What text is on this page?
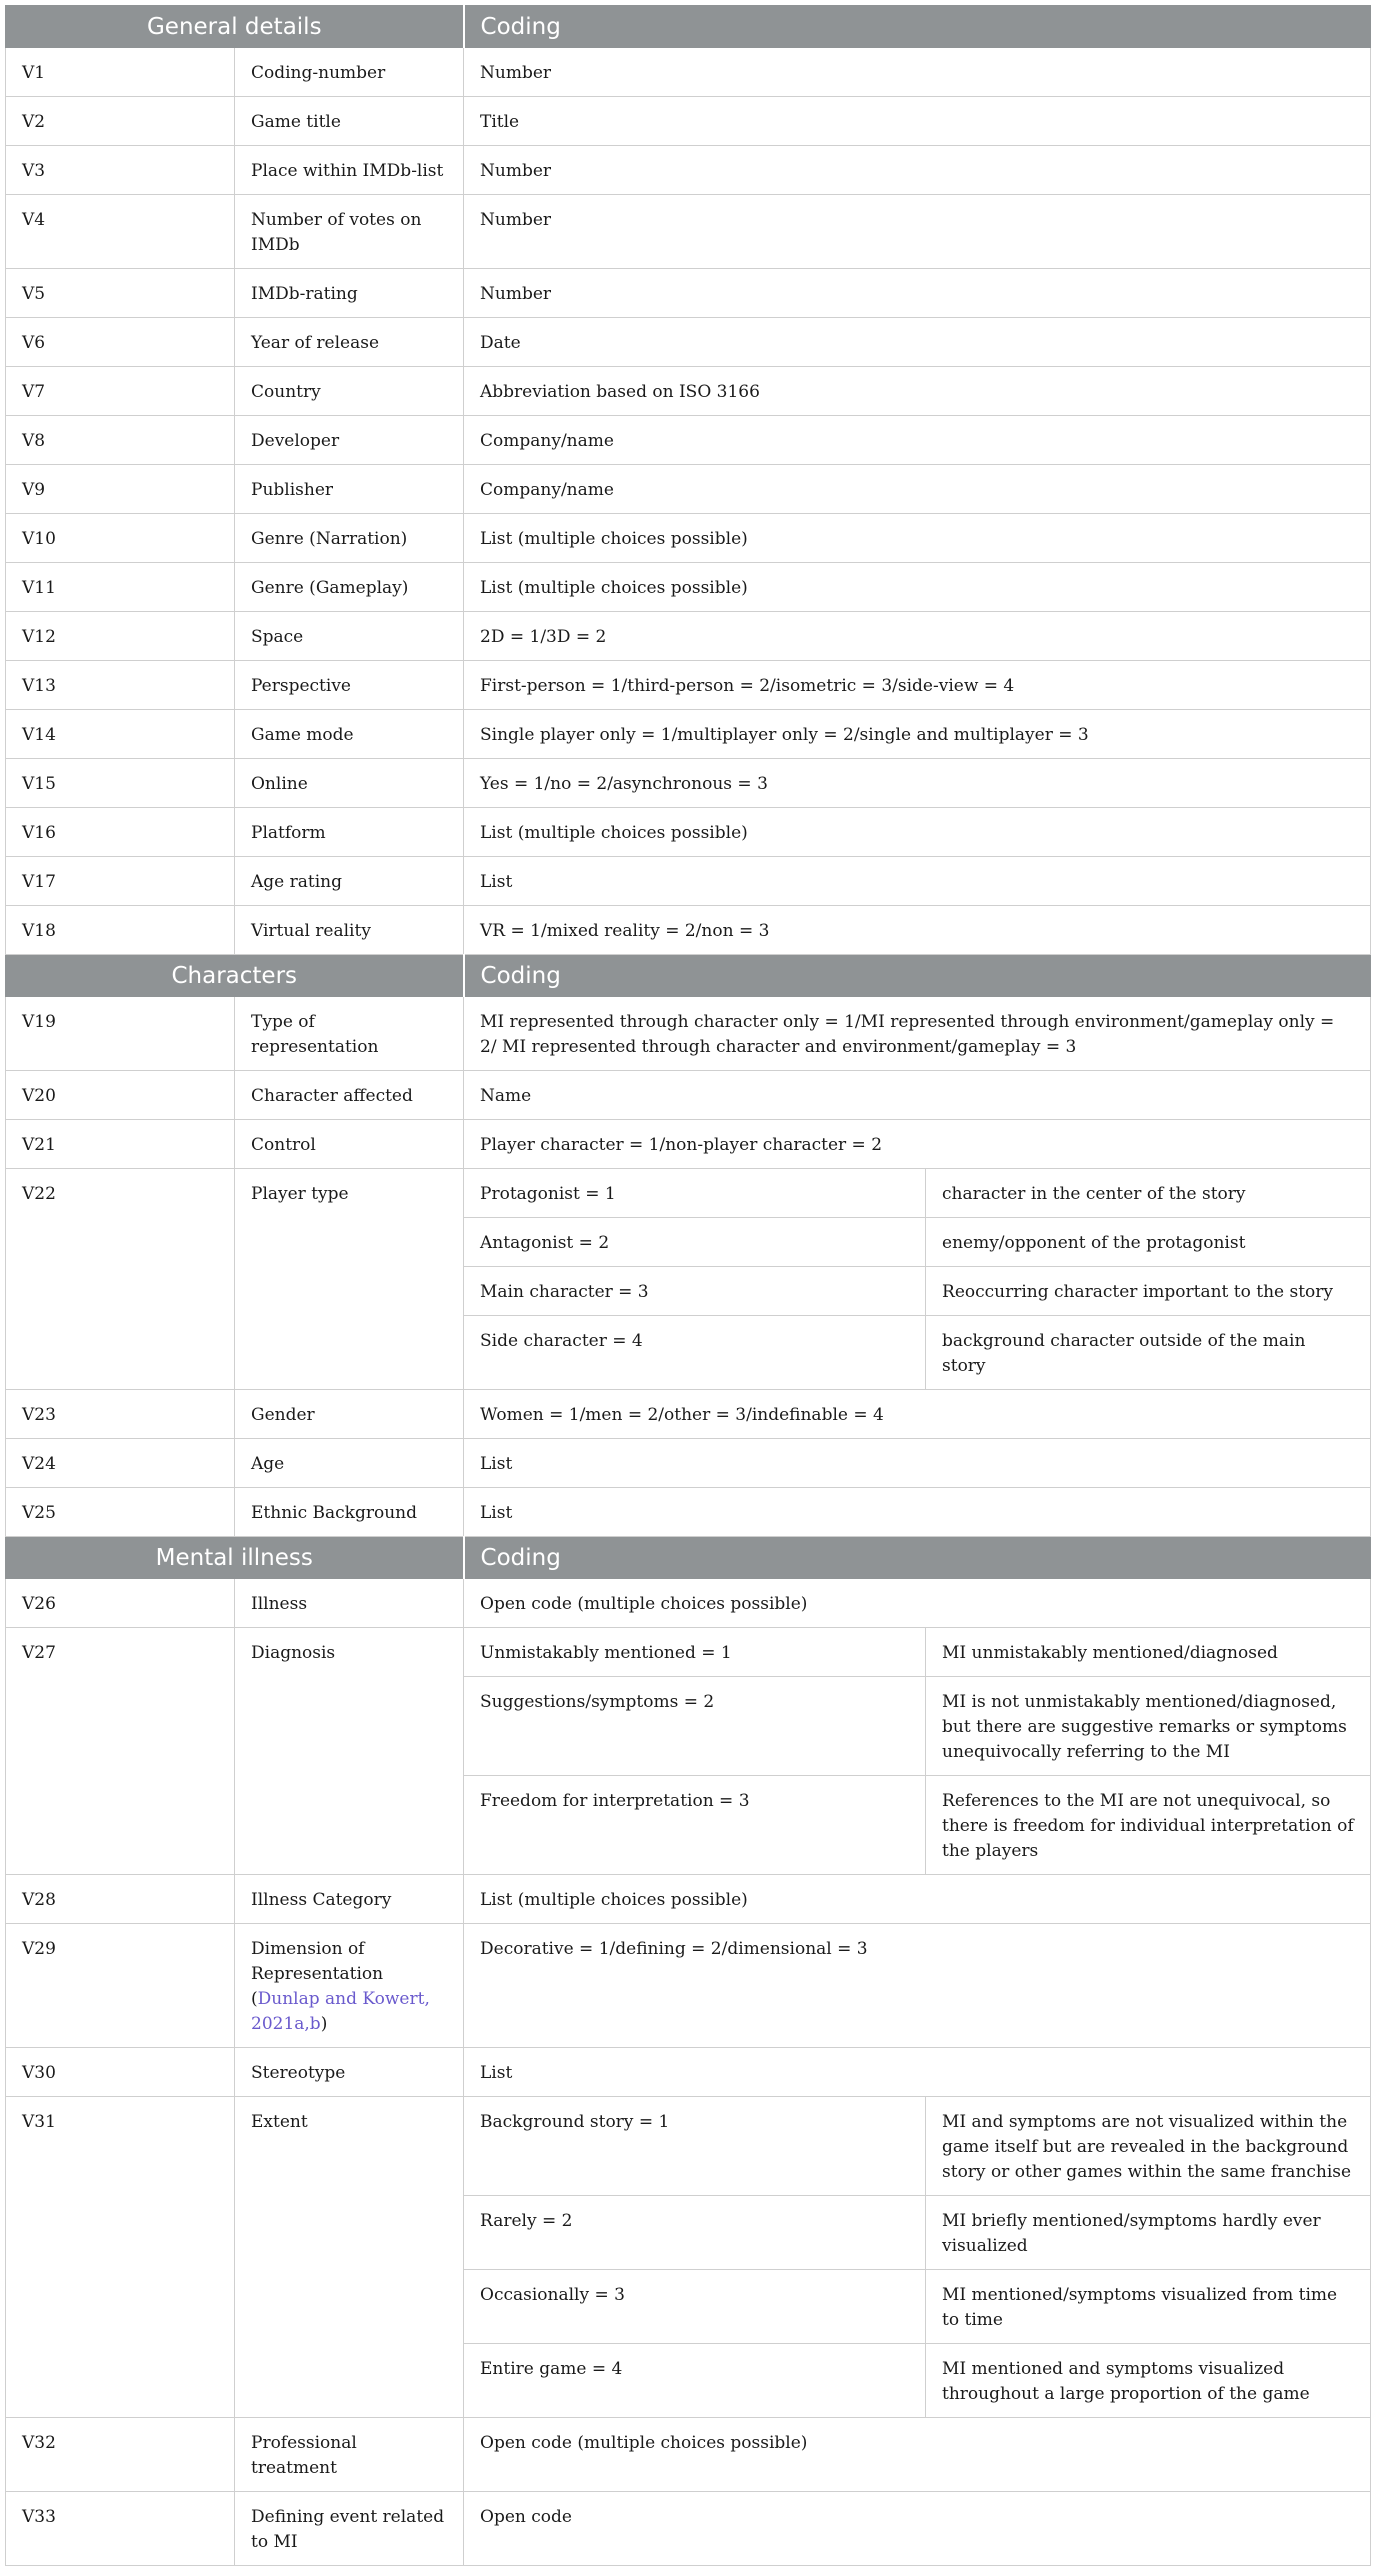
General details		Coding	
V1	Coding-number	Number	
V2	Game title	Title	
V3	Place within IMDb-list	Number	
V4	Number of votes on IMDb	Number	
V5	IMDb-rating	Number	
V6	Year of release	Date	
V7	Country	Abbreviation based on ISO 3166	
V8	Developer	Company/name	
V9	Publisher	Company/name	
V10	Genre (Narration)	List (multiple choices possible)	
V11	Genre (Gameplay)	List (multiple choices possible)	
V12	Space	2D = 1/3D = 2	
V13	Perspective	First-person = 1/third-person = 2/isometric = 3/side-view = 4	
V14	Game mode	Single player only = 1/multiplayer only = 2/single and multiplayer = 3	
V15	Online	Yes = 1/no = 2/asynchronous = 3	
V16	Platform	List (multiple choices possible)	
V17	Age rating	List	
V18	Virtual reality	VR = 1/mixed reality = 2/non = 3	
Characters		Coding	
V19	Type of representation	MI represented through character only = 1/MI represented through environment/gameplay only = 2/ MI represented through character and environment/gameplay = 3	
V20	Character affected	Name	
V21	Control	Player character = 1/non-player character = 2	
V22	Player type	Protagonist = 1	character in the center of the story
		Antagonist = 2	enemy/opponent of the protagonist
		Main character = 3	Reoccurring character important to the story
		Side character = 4	background character outside of the main story
V23	Gender	Women = 1/men = 2/other = 3/indefinable = 4	
V24	Age	List	
V25	Ethnic Background	List	
Mental illness		Coding	
V26	Illness	Open code (multiple choices possible)	
V27	Diagnosis	Unmistakably mentioned = 1	MI unmistakably mentioned/diagnosed
		Suggestions/symptoms = 2	MI is not unmistakably mentioned/diagnosed, but there are suggestive remarks or symptoms unequivocally referring to the MI
		Freedom for interpretation = 3	References to the MI are not unequivocal, so there is freedom for individual interpretation of the players
V28	Illness Category	List (multiple choices possible)	
V29	Dimension of Representation (Dunlap and Kowert, 2021a,b)	Decorative = 1/defining = 2/dimensional = 3	
V30	Stereotype	List	
V31	Extent	Background story = 1	MI and symptoms are not visualized within the game itself but are revealed in the background story or other games within the same franchise
		Rarely = 2	MI briefly mentioned/symptoms hardly ever visualized
		Occasionally = 3	MI mentioned/symptoms visualized from time to time
		Entire game = 4	MI mentioned and symptoms visualized throughout a large proportion of the game
V32	Professional treatment	Open code (multiple choices possible)	
V33	Defining event related to MI	Open code	
